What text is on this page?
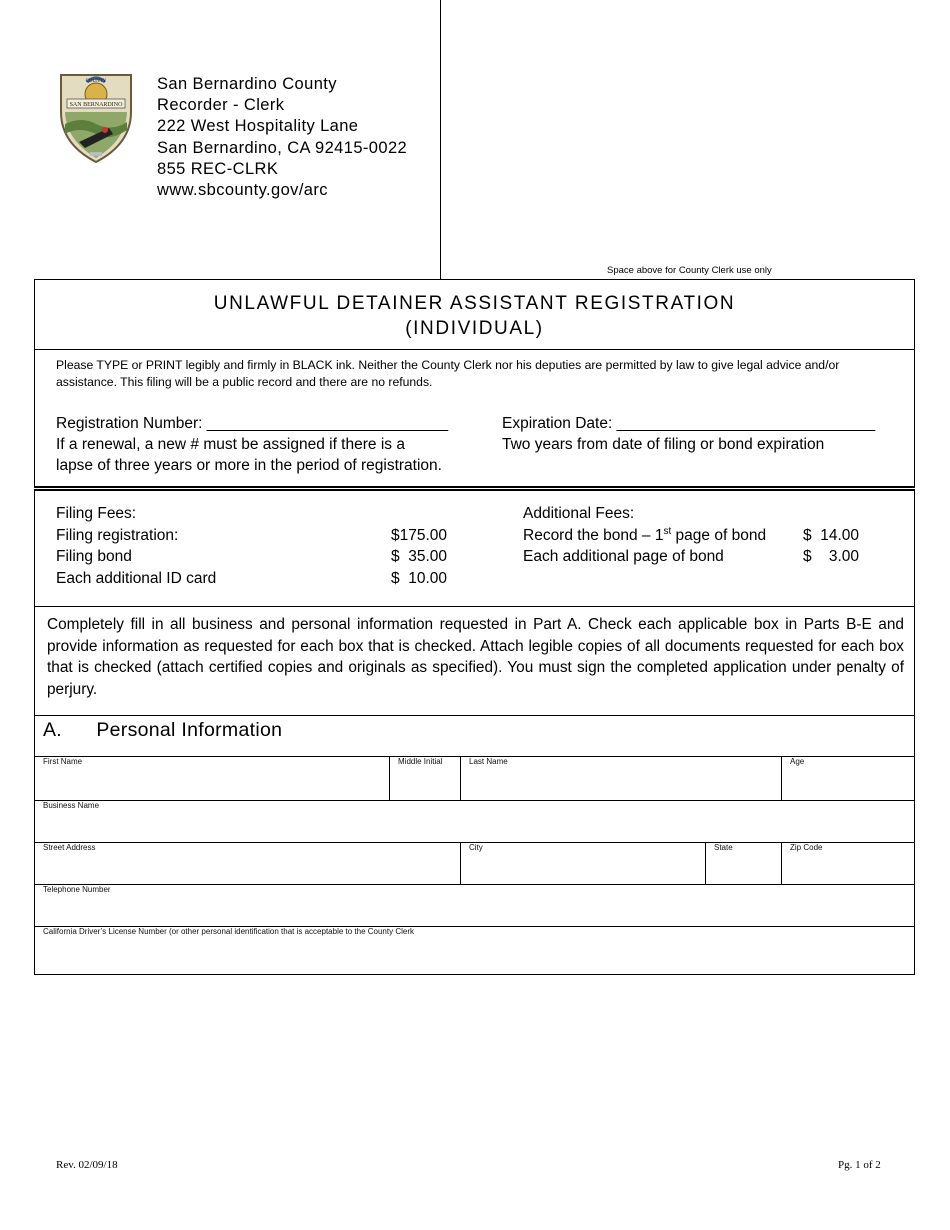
SAN BERNARDINO
COUNTY	San Bernardino County
Recorder - Clerk
222 West Hospitality Lane
San Bernardino, CA 92415-0022
855 REC-CLRK
www.sbcounty.gov/arc
Space above for County Clerk use only
UNLAWFUL DETAINER ASSISTANT REGISTRATION
(INDIVIDUAL)
Please TYPE or PRINT legibly and firmly in BLACK ink. Neither the County Clerk nor his deputies are permitted by law to give legal advice and/or assistance. This filing will be a public record and there are no refunds.
Registration Number: ____________________________
If a renewal, a new # must be assigned if there is a
lapse of three years or more in the period of registration.
Expiration Date: ______________________________
Two years from date of filing or bond expiration
Filing Fees:
Filing registration:	$175.00
Filing bond	$  35.00
Each additional ID card	$  10.00
Additional Fees:
Record the bond – 1st page of bond $  14.00
Each additional page of bond	$    3.00
Completely fill in all business and personal information requested in Part A. Check each applicable box in Parts B-E and provide information as requested for each box that is checked. Attach legible copies of all documents requested for each box that is checked (attach certified copies and originals as specified). You must sign the completed application under penalty of perjury.
A.      Personal Information
First Name	Middle Initial	Last Name	Age
Business Name
Street Address	City	State	Zip Code
Telephone Number
California Driver’s License Number (or other personal identification that is acceptable to the County Clerk
Rev. 02/09/18	Pg. 1 of 2
